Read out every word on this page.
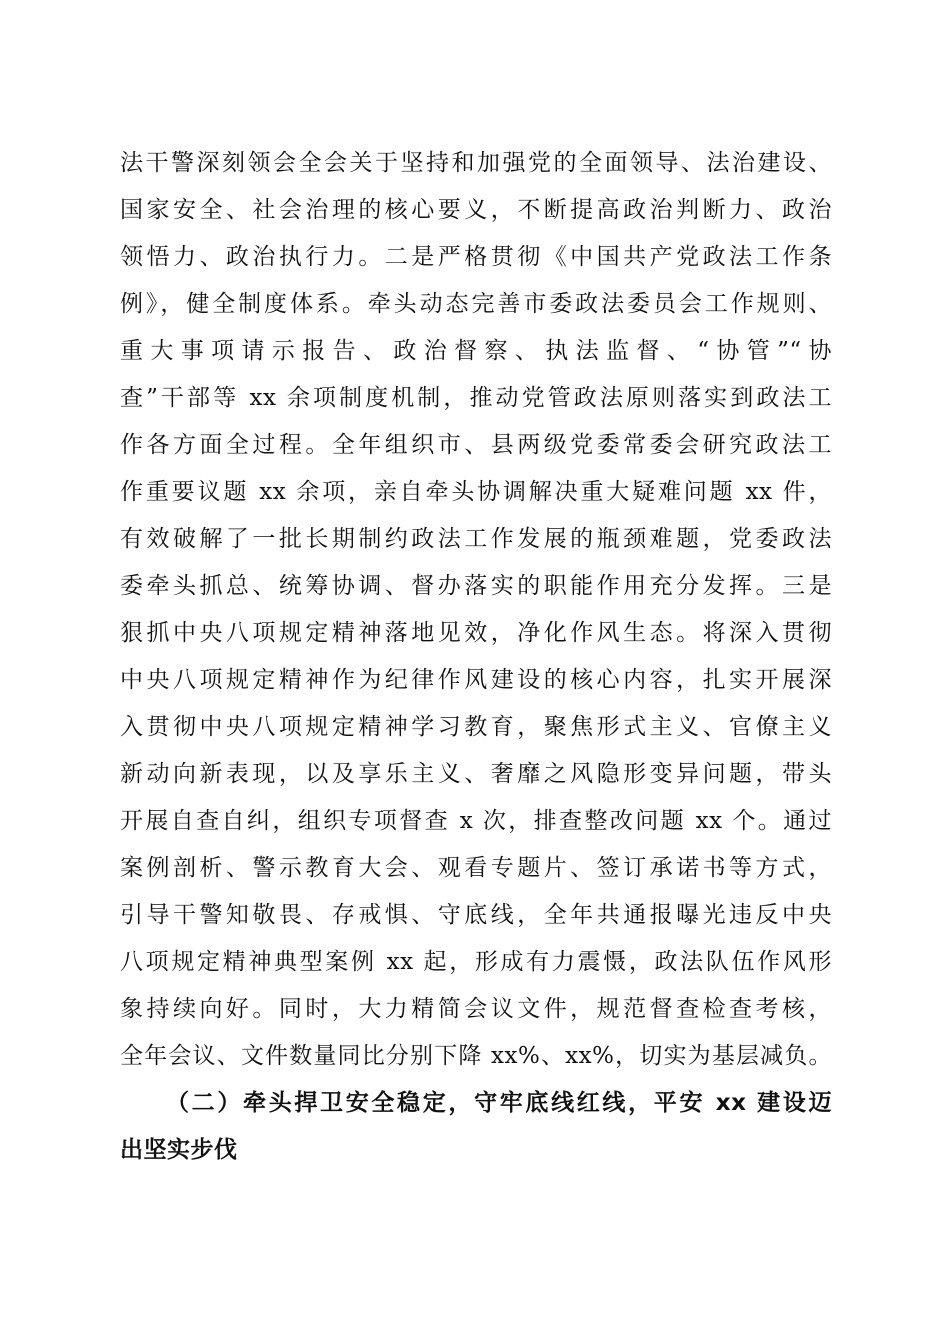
法干警深刻领会全会关于坚持和加强党的全面领导、法治建设、
国家安全、社会治理的核心要义，不断提高政治判断力、政治
领悟力、政治执行力。二是严格贯彻《中国共产党政法工作条
例》，健全制度体系。牵头动态完善市委政法委员会工作规则、
重大事项请示报告、政治督察、执法监督、“协管”“协
查”干部等 xx 余项制度机制，推动党管政法原则落实到政法工
作各方面全过程。全年组织市、县两级党委常委会研究政法工
作重要议题 xx 余项，亲自牵头协调解决重大疑难问题 xx 件，
有效破解了一批长期制约政法工作发展的瓶颈难题，党委政法
委牵头抓总、统筹协调、督办落实的职能作用充分发挥。三是
狠抓中央八项规定精神落地见效，净化作风生态。将深入贯彻
中央八项规定精神作为纪律作风建设的核心内容，扎实开展深
入贯彻中央八项规定精神学习教育，聚焦形式主义、官僚主义
新动向新表现，以及享乐主义、奢靡之风隐形变异问题，带头
开展自查自纠，组织专项督查 x 次，排查整改问题 xx 个。通过
案例剖析、警示教育大会、观看专题片、签订承诺书等方式，
引导干警知敬畏、存戒惧、守底线，全年共通报曝光违反中央
八项规定精神典型案例 xx 起，形成有力震慑，政法队伍作风形
象持续向好。同时，大力精简会议文件，规范督查检查考核，
全年会议、文件数量同比分别下降 xx%、xx%，切实为基层减负。
（二）牵头捍卫安全稳定，守牢底线红线，平安 xx 建设迈
出坚实步伐
